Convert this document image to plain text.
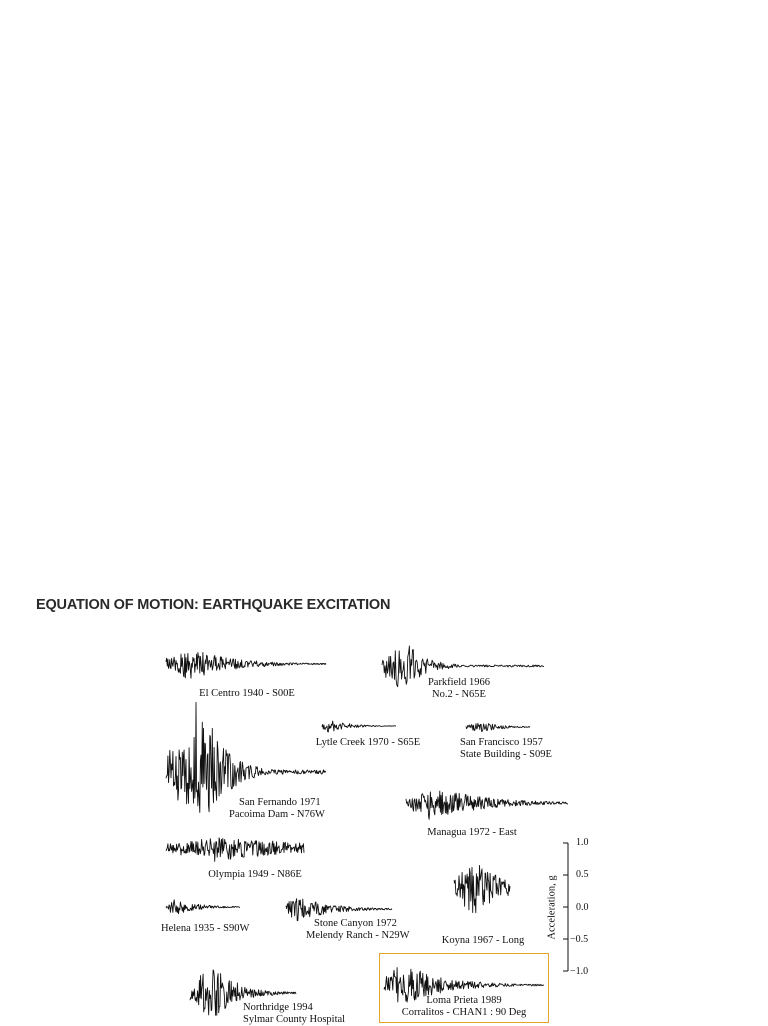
EQUATION OF MOTION: EARTHQUAKE EXCITATION
El Centro 1940 - S00E
Parkfield 1966
No.2 - N65E
Lytle Creek 1970 - S65E	San Francisco 1957
State Building - S09E
San Fernando 1971
Pacoima Dam - N76W
Managua 1972 - East
Olympia 1949 - N86E
Helena 1935 - S90W	Stone Canyon 1972
Melendy Ranch - N29W	Koyna 1967 - Long
Northridge 1994
Sylmar County Hospital
Loma Prieta 1989
Corralitos - CHAN1 : 90 Deg
1.0
0.5
0.0
−0.5
−1.0
Acceleration, g
